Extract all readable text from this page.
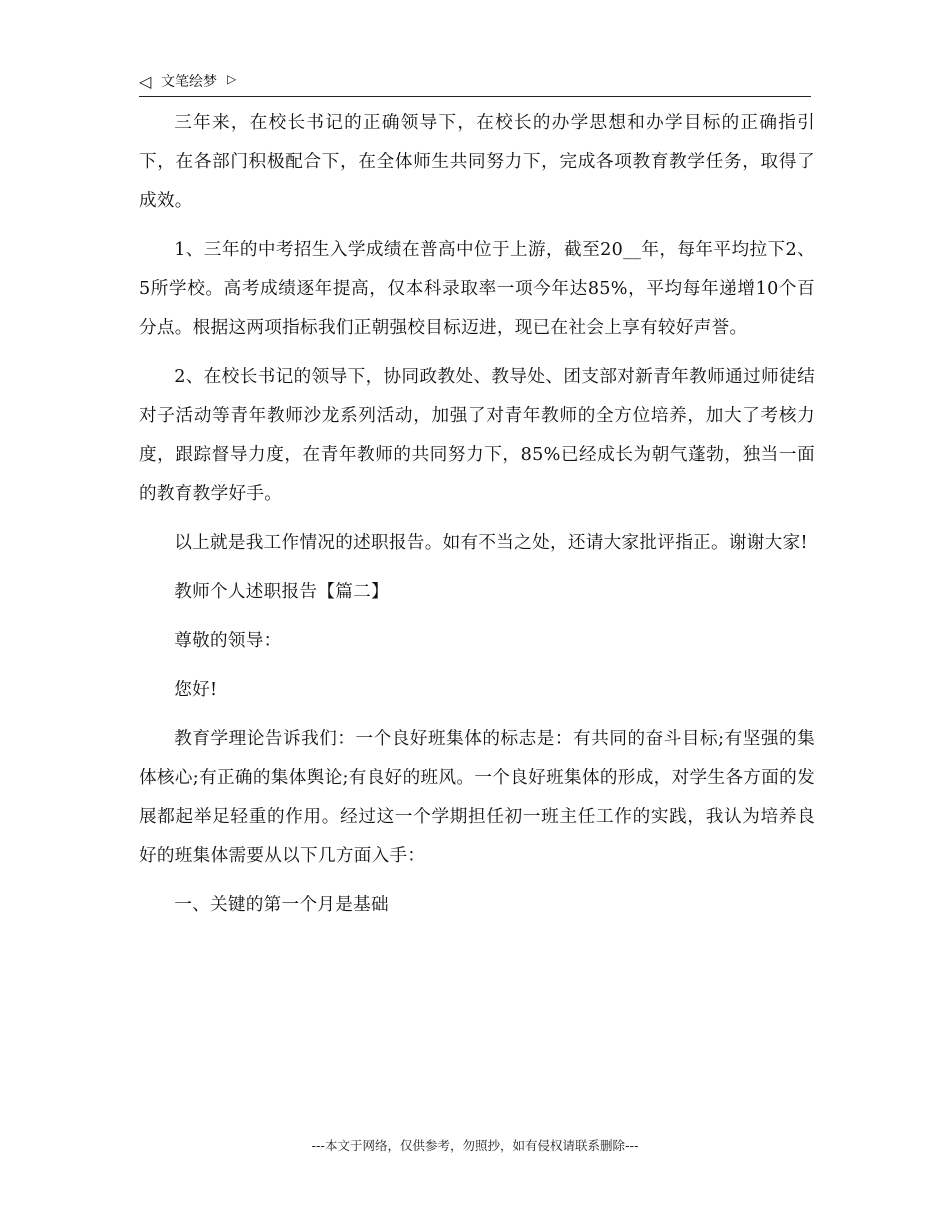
◁ 文笔绘梦 ▷

三年来，在校长书记的正确领导下，在校长的办学思想和办学目标的正确指引下，在各部门积极配合下，在全体师生共同努力下，完成各项教育教学任务，取得了成效。

1、三年的中考招生入学成绩在普高中位于上游，截至20__年，每年平均拉下2、5所学校。高考成绩逐年提高，仅本科录取率一项今年达85%，平均每年递增10个百分点。根据这两项指标我们正朝强校目标迈进，现已在社会上享有较好声誉。

2、在校长书记的领导下，协同政教处、教导处、团支部对新青年教师通过师徒结对子活动等青年教师沙龙系列活动，加强了对青年教师的全方位培养，加大了考核力度，跟踪督导力度，在青年教师的共同努力下，85%已经成长为朝气蓬勃，独当一面的教育教学好手。

以上就是我工作情况的述职报告。如有不当之处，还请大家批评指正。谢谢大家!

教师个人述职报告【篇二】

尊敬的领导：

您好!

教育学理论告诉我们：一个良好班集体的标志是：有共同的奋斗目标;有坚强的集体核心;有正确的集体舆论;有良好的班风。一个良好班集体的形成，对学生各方面的发展都起举足轻重的作用。经过这一个学期担任初一班主任工作的实践，我认为培养良好的班集体需要从以下几方面入手：

一、关键的第一个月是基础

---本文于网络，仅供参考，勿照抄，如有侵权请联系删除---
